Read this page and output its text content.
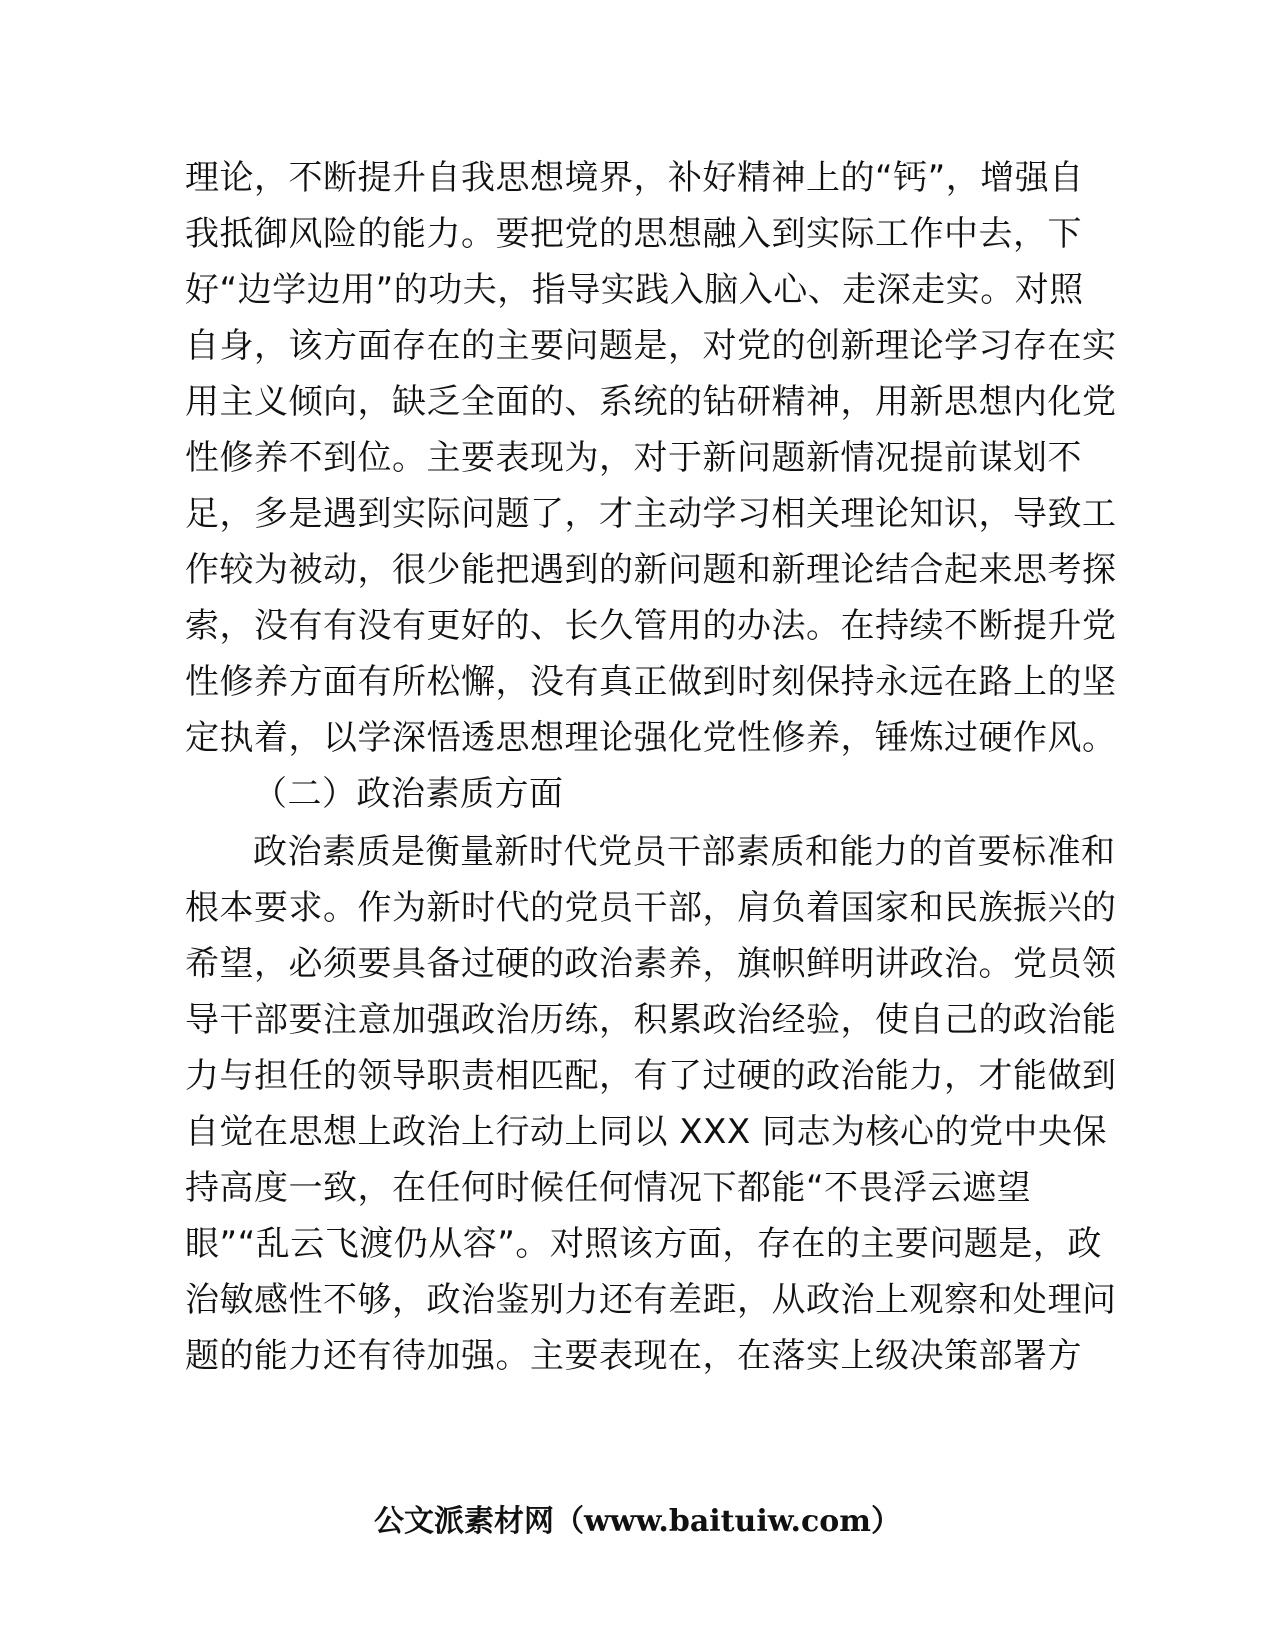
理论，不断提升自我思想境界，补好精神上的“钙”，增强自
我抵御风险的能力。要把党的思想融入到实际工作中去，下
好“边学边用”的功夫，指导实践入脑入心、走深走实。对照
自身，该方面存在的主要问题是，对党的创新理论学习存在实
用主义倾向，缺乏全面的、系统的钻研精神，用新思想内化党
性修养不到位。主要表现为，对于新问题新情况提前谋划不
足，多是遇到实际问题了，才主动学习相关理论知识，导致工
作较为被动，很少能把遇到的新问题和新理论结合起来思考探
索，没有有没有更好的、长久管用的办法。在持续不断提升党
性修养方面有所松懈，没有真正做到时刻保持永远在路上的坚
定执着，以学深悟透思想理论强化党性修养，锤炼过硬作风。
（二）政治素质方面
政治素质是衡量新时代党员干部素质和能力的首要标准和
根本要求。作为新时代的党员干部，肩负着国家和民族振兴的
希望，必须要具备过硬的政治素养，旗帜鲜明讲政治。党员领
导干部要注意加强政治历练，积累政治经验，使自己的政治能
力与担任的领导职责相匹配，有了过硬的政治能力，才能做到
自觉在思想上政治上行动上同以 XXX 同志为核心的党中央保
持高度一致，在任何时候任何情况下都能“不畏浮云遮望
眼”“乱云飞渡仍从容”。对照该方面，存在的主要问题是，政
治敏感性不够，政治鉴别力还有差距，从政治上观察和处理问
题的能力还有待加强。主要表现在，在落实上级决策部署方
公文派素材网（www.baituiw.com）
